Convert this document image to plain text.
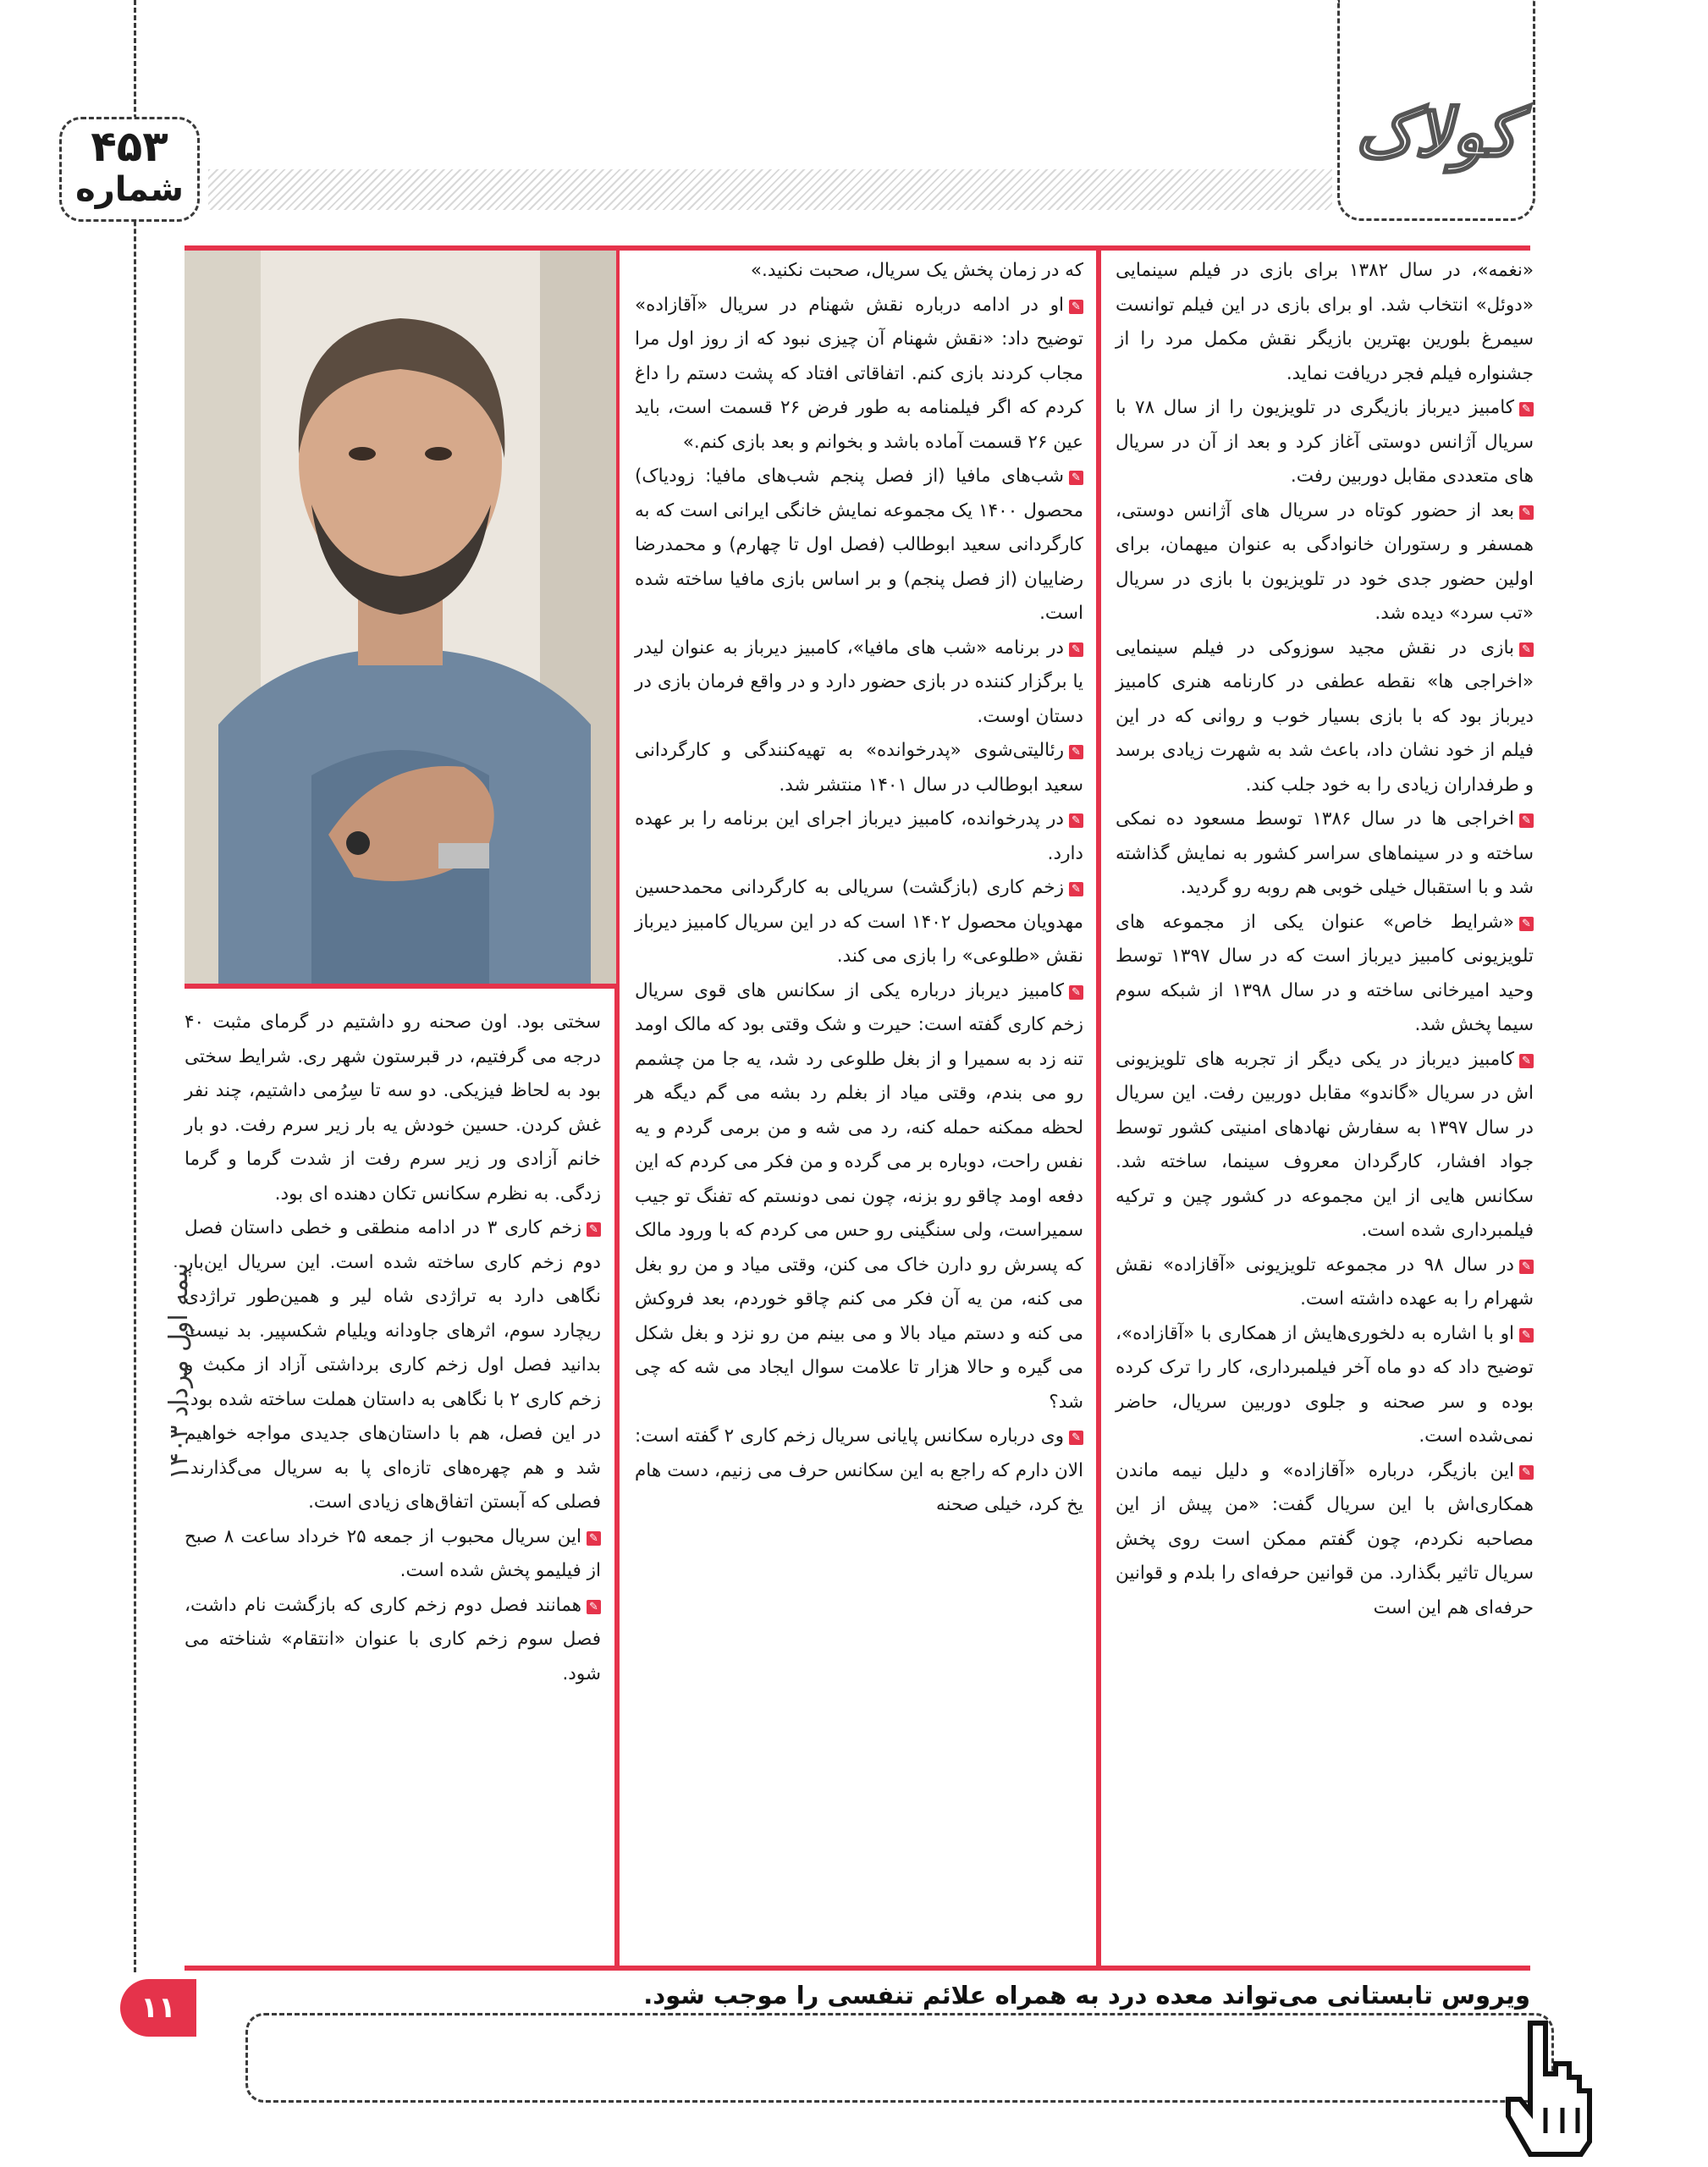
کولاک
۴۵۳
شماره

«نغمه»، در سال ۱۳۸۲ برای بازی در فیلم سینمایی «دوئل» انتخاب شد. او برای بازی در این فیلم توانست سیمرغ بلورین بهترین بازیگر نقش مکمل مرد را از جشنواره فیلم فجر دریافت نماید.

✎کامبیز دیرباز بازیگری در تلویزیون را از سال ۷۸ با سریال آژانس دوستی آغاز کرد و بعد از آن در سریال های متعددی مقابل دوربین رفت.

✎بعد از حضور کوتاه در سریال های آژانس دوستی، همسفر و رستوران خانوادگی به عنوان میهمان، برای اولین حضور جدی خود در تلویزیون با بازی در سریال «تب سرد» دیده شد.

✎بازی در نقش مجید سوزوکی در فیلم سینمایی «اخراجی ها» نقطه عطفی در کارنامه هنری کامبیز دیرباز بود که با بازی بسیار خوب و روانی که در این فیلم از خود نشان داد، باعث شد به شهرت زیادی برسد و طرفداران زیادی را به خود جلب کند.

✎اخراجی ها در سال ۱۳۸۶ توسط مسعود ده نمکی ساخته و در سینماهای سراسر کشور به نمایش گذاشته شد و با استقبال خیلی خوبی هم روبه رو گردید.

✎«شرایط خاص» عنوان یکی از مجموعه های تلویزیونی کامبیز دیرباز است که در سال ۱۳۹۷ توسط وحید امیرخانی ساخته و در سال ۱۳۹۸ از شبکه سوم سیما پخش شد.

✎کامبیز دیرباز در یکی دیگر از تجربه های تلویزیونی اش در سریال «گاندو» مقابل دوربین رفت. این سریال در سال ۱۳۹۷ به سفارش نهادهای امنیتی کشور توسط جواد افشار، کارگردان معروف سینما، ساخته شد. سکانس هایی از این مجموعه در کشور چین و ترکیه فیلمبرداری شده است.

✎در سال ۹۸ در مجموعه تلویزیونی «آقازاده» نقش شهرام را به عهده داشته است.

✎او با اشاره به دلخوری‌هایش از همکاری با «آقازاده»، توضیح داد که دو ماه آخر فیلمبرداری، کار را ترک کرده بوده و سر صحنه و جلوی دوربین سریال، حاضر نمی‌شده است.

✎این بازیگر، درباره «آقازاده» و دلیل نیمه ماندن همکاری‌اش با این سریال گفت: «من پیش از این مصاحبه نکردم، چون گفتم ممکن است روی پخش سریال تاثیر بگذارد. من قوانین حرفه‌ای را بلدم و قوانین حرفه‌ای هم این است

که در زمان پخش یک سریال، صحبت نکنید.»

✎او در ادامه درباره نقش شهنام در سریال «آقازاده» توضیح داد: «نقش شهنام آن چیزی نبود که از روز اول مرا مجاب کردند بازی کنم. اتفاقاتی افتاد که پشت دستم را داغ کردم که اگر فیلمنامه به طور فرض ۲۶ قسمت است، باید عین ۲۶ قسمت آماده باشد و بخوانم و بعد بازی کنم.»

✎شب‌های مافیا (از فصل پنجم شب‌های مافیا: زودیاک) محصول ۱۴۰۰ یک مجموعه نمایش خانگی ایرانی است که به کارگردانی سعید ابوطالب (فصل اول تا چهارم) و محمدرضا رضاییان (از فصل پنجم) و بر اساس بازی مافیا ساخته شده است.

✎در برنامه «شب های مافیا»، کامبیز دیرباز به عنوان لیدر یا برگزار کننده در بازی حضور دارد و در واقع فرمان بازی در دستان اوست.

✎رئالیتی‌شوی «پدرخوانده» به تهیه‌کنندگی و کارگردانی سعید ابوطالب در سال ۱۴۰۱ منتشر شد.

✎در پدرخوانده، کامبیز دیرباز اجرای این برنامه را بر عهده دارد.

✎زخم کاری (بازگشت) سریالی به کارگردانی محمدحسین مهدویان محصول ۱۴۰۲ است که در این سریال کامبیز دیرباز نقش «طلوعی» را بازی می کند.

✎کامبیز دیرباز درباره یکی از سکانس های قوی سریال زخم کاری گفته است: حیرت و شک وقتی بود که مالک اومد تنه زد به سمیرا و از بغل طلوعی رد شد، یه جا من چشمم رو می بندم، وقتی میاد از بغلم رد بشه می گم دیگه هر لحظه ممکنه حمله کنه، رد می شه و من برمی گردم و یه نفس راحت، دوباره بر می گرده و من فکر می کردم که این دفعه اومد چاقو رو بزنه، چون نمی دونستم که تفنگ تو جیب سمیراست، ولی سنگینی رو حس می کردم که با ورود مالک که پسرش رو دارن خاک می کنن، وقتی میاد و من رو بغل می کنه، من یه آن فکر می کنم چاقو خوردم، بعد فروکش می کنه و دستم میاد بالا و می بینم من رو نزد و بغل شکل می گیره و حالا هزار تا علامت سوال ایجاد می شه که چی شد؟

✎وی درباره سکانس پایانی سریال زخم کاری ۲ گفته است: الان دارم که راجع به این سکانس حرف می زنیم، دست هام یخ کرد، خیلی صحنه

سختی بود. اون صحنه رو داشتیم در گرمای مثبت ۴۰ درجه می گرفتیم، در قبرستون شهر ری. شرایط سختی بود به لحاظ فیزیکی. دو سه تا سِرُمی داشتیم، چند نفر غش کردن. حسین خودش یه بار زیر سرم رفت. دو بار خانم آزادی ور زیر سرم رفت از شدت گرما و گرما زدگی. به نظرم سکانس تکان دهنده ای بود.

✎زخم کاری ۳ در ادامه منطقی و خطی داستان فصل دوم زخم کاری ساخته شده است. این سریال این‌بار نگاهی دارد به تراژدی شاه لیر و همین‌طور تراژدی ریچارد سوم، اثرهای جاودانه ویلیام شکسپیر. بد نیست بدانید فصل اول زخم کاری برداشتی آزاد از مکبث و زخم کاری ۲ با نگاهی به داستان هملت ساخته شده بود. در این فصل، هم با داستان‌های جدیدی مواجه خواهیم شد و هم چهره‌های تازه‌ای پا به سریال می‌گذارند. فصلی که آبستن اتفاق‌های زیادی است.

✎این سریال محبوب از جمعه ۲۵ خرداد ساعت ۸ صبح از فیلیمو پخش شده است.

✎همانند فصل دوم زخم کاری که بازگشت نام داشت، فصل سوم زخم کاری با عنوان «انتقام» شناخته می شود.

نیمه اول مرداد ۱۴۰۳
۱۱	ویروس تابستانی می‌تواند معده درد به همراه علائم تنفسی را موجب شود.
